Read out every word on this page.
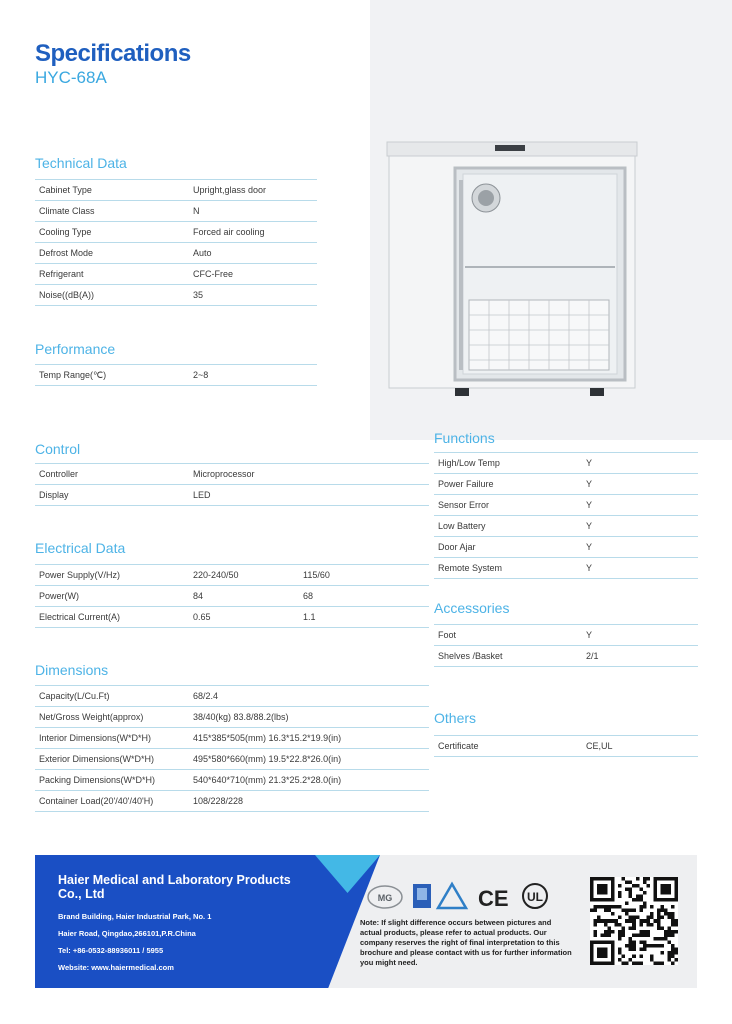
Specifications
HYC-68A
Technical Data
Cabinet Type	Upright,glass door
Climate Class	N
Cooling Type	Forced air cooling
Defrost Mode	Auto
Refrigerant	CFC-Free
Noise((dB(A))	35
Performance
Temp Range(℃)	2~8
Control
Controller	Microprocessor
Display	LED
Electrical Data
Power Supply(V/Hz)	220-240/50	115/60
Power(W)	84	68
Electrical Current(A)	0.65	1.1
Dimensions
Capacity(L/Cu.Ft)	68/2.4
Net/Gross Weight(approx)	38/40(kg) 83.8/88.2(lbs)
Interior Dimensions(W*D*H)	415*385*505(mm) 16.3*15.2*19.9(in)
Exterior Dimensions(W*D*H)	495*580*660(mm) 19.5*22.8*26.0(in)
Packing Dimensions(W*D*H)	540*640*710(mm) 21.3*25.2*28.0(in)
Container Load(20'/40'/40'H)	108/228/228
Functions
High/Low Temp	Y
Power Failure	Y
Sensor Error	Y
Low Battery	Y
Door Ajar	Y
Remote System	Y
Accessories
Foot	Y
Shelves /Basket	2/1
Others
Certificate	CE,UL
Haier Medical and Laboratory Products Co., Ltd
Brand Building, Haier Industrial Park, No. 1
Haier Road, Qingdao,266101,P.R.China
Tel: +86-0532-88936011 / 5955
Website: www.haiermedical.com
MG	CE UL
Note: If slight difference occurs between pictures and actual products, please refer to actual products. Our company reserves the right of final interpretation to this brochure and please contact with us for further information you might need.
